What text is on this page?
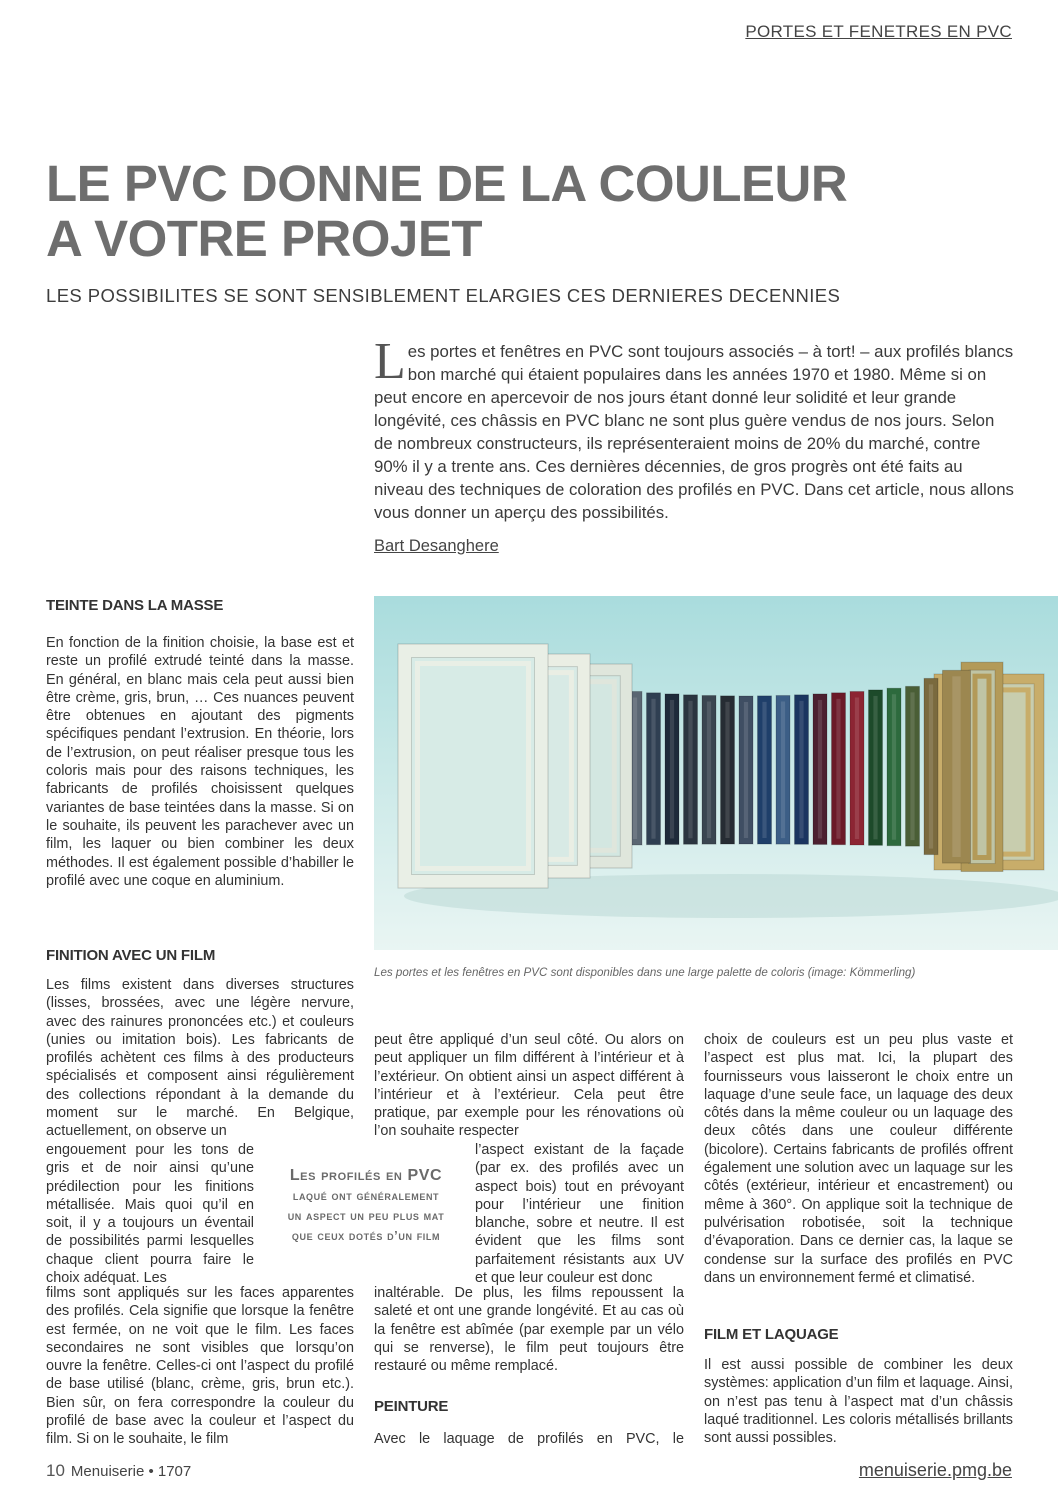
PORTES ET FENETRES EN PVC
LE PVC DONNE DE LA COULEUR
A VOTRE PROJET
LES POSSIBILITES SE SONT SENSIBLEMENT ELARGIES CES DERNIERES DECENNIES

Les portes et fenêtres en PVC sont toujours associés – à tort! – aux profilés blancs bon marché qui étaient populaires dans les années 1970 et 1980. Même si on peut encore en apercevoir de nos jours étant donné leur solidité et leur grande longévité, ces châssis en PVC blanc ne sont plus guère vendus de nos jours. Selon de nombreux constructeurs, ils représenteraient moins de 20% du marché, contre 90% il y a trente ans. Ces dernières décennies, de gros progrès ont été faits au niveau des techniques de coloration des profilés en PVC. Dans cet article, nous allons vous donner un aperçu des possibilités.

Bart Desanghere
TEINTE DANS LA MASSE

En fonction de la finition choisie, la base est et reste un profilé extrudé teinté dans la masse. En général, en blanc mais cela peut aussi bien être crème, gris, brun, … Ces nuances peuvent être obtenues en ajoutant des pigments spécifiques pendant l’extrusion. En théorie, lors de l’extrusion, on peut réaliser presque tous les coloris mais pour des raisons techniques, les fabricants de profilés choisissent quelques variantes de base teintées dans la masse. Si on le souhaite, ils peuvent les parachever avec un film, les laquer ou bien combiner les deux méthodes. Il est également possible d’habiller le profilé avec une coque en aluminium.

FINITION AVEC UN FILM

Les films existent dans diverses structures (lisses, brossées, avec une légère nervure, avec des rainures prononcées etc.) et couleurs (unies ou imitation bois). Les fabricants de profilés achètent ces films à des producteurs spécialisés et composent ainsi régulièrement des collections répondant à la demande du moment sur le marché. En Belgique, actuellement, on observe un

engouement pour les tons de gris et de noir ainsi qu’une prédilection pour les finitions métallisée. Mais quoi qu’il en soit, il y a toujours un éventail de possibilités parmi lesquelles chaque client pourra faire le choix adéquat. Les

films sont appliqués sur les faces apparentes des profilés. Cela signifie que lorsque la fenêtre est fermée, on ne voit que le film. Les faces secondaires ne sont visibles que lorsqu’on ouvre la fenêtre. Celles-ci ont l’aspect du profilé de base utilisé (blanc, crème, gris, brun etc.). Bien sûr, on fera correspondre la couleur du profilé de base avec la couleur et l’aspect du film. Si on le souhaite, le film

Les profilés en PVC
laqué ont généralement
un aspect un peu plus mat
que ceux dotés d’un film

peut être appliqué d’un seul côté. Ou alors on peut appliquer un film différent à l’intérieur et à l’extérieur. On obtient ainsi un aspect différent à l’intérieur et à l’extérieur. Cela peut être pratique, par exemple pour les rénovations où l’on souhaite respecter

l’aspect existant de la façade (par ex. des profilés avec un aspect bois) tout en prévoyant pour l’intérieur une finition blanche, sobre et neutre. Il est évident que les films sont parfaitement résistants aux UV et que leur couleur est donc

inaltérable. De plus, les films repoussent la saleté et ont une grande longévité. Et au cas où la fenêtre est abîmée (par exemple par un vélo qui se renverse), le film peut toujours être restauré ou même remplacé.

PEINTURE

Avec le laquage de profilés en PVC, le

choix de couleurs est un peu plus vaste et l’aspect est plus mat. Ici, la plupart des fournisseurs vous laisseront le choix entre un laquage d’une seule face, un laquage des deux côtés dans la même couleur ou un laquage des deux côtés dans une couleur différente (bicolore). Certains fabricants de profilés offrent également une solution avec un laquage sur les côtés (extérieur, intérieur et encastrement) ou même à 360°. On applique soit la technique de pulvérisation robotisée, soit la technique d’évaporation. Dans ce dernier cas, la laque se condense sur la surface des profilés en PVC dans un environnement fermé et climatisé.

FILM ET LAQUAGE

Il est aussi possible de combiner les deux systèmes: application d’un film et laquage. Ainsi, on n’est pas tenu à l’aspect mat d’un châssis laqué traditionnel. Les coloris métallisés brillants sont aussi possibles.

Les portes et les fenêtres en PVC sont disponibles dans une large palette de coloris (image: Kömmerling)
10 Menuiserie • 1707	menuiserie.pmg.be
